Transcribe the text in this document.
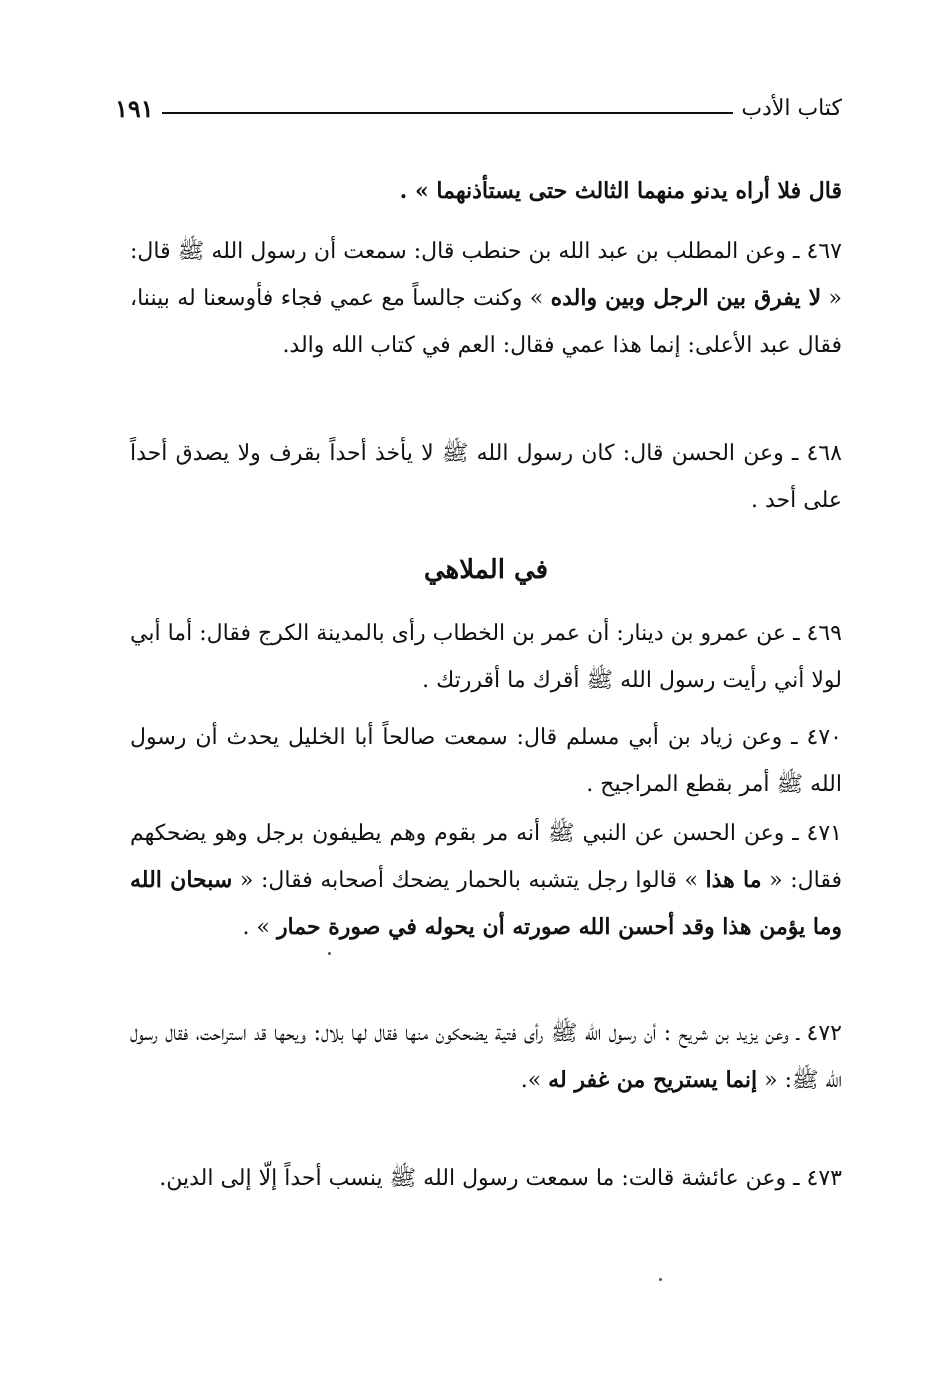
كتاب الأدب
١٩١

قال فلا أراه يدنو منهما الثالث حتى يستأذنهما » .

٤٦٧ ـ وعن المطلب بن عبد الله بن حنطب قال: سمعت أن رسول الله ﷺ قال: « لا يفرق بين الرجل وبين والده » وكنت جالساً مع عمي فجاء فأوسعنا له بيننا، فقال عبد الأعلى: إنما هذا عمي فقال: العم في كتاب الله والد.

٤٦٨ ـ وعن الحسن قال: كان رسول الله ﷺ لا يأخذ أحداً بقرف ولا يصدق أحداً على أحد .

في الملاهي

٤٦٩ ـ عن عمرو بن دينار: أن عمر بن الخطاب رأى بالمدينة الكرج فقال: أما أبي لولا أني رأيت رسول الله ﷺ أقرك ما أقررتك .

٤٧٠ ـ وعن زياد بن أبي مسلم قال: سمعت صالحاً أبا الخليل يحدث أن رسول الله ﷺ أمر بقطع المراجيح .

٤٧١ ـ وعن الحسن عن النبي ﷺ أنه مر بقوم وهم يطيفون برجل وهو يضحكهم فقال: « ما هذا » قالوا رجل يتشبه بالحمار يضحك أصحابه فقال: « سبحان الله وما يؤمن هذا وقد أحسن الله صورته أن يحوله في صورة حمار » .

٤٧٢ ـ وعن يزيد بن شريح : أن رسول الله ﷺ رأى فتية يضحكون منها فقال لها بلال: ويحها قد استراحت، فقال رسول الله ﷺ: « إنما يستريح من غفر له ».

٤٧٣ ـ وعن عائشة قالت: ما سمعت رسول الله ﷺ ينسب أحداً إلّا إلى الدين.
